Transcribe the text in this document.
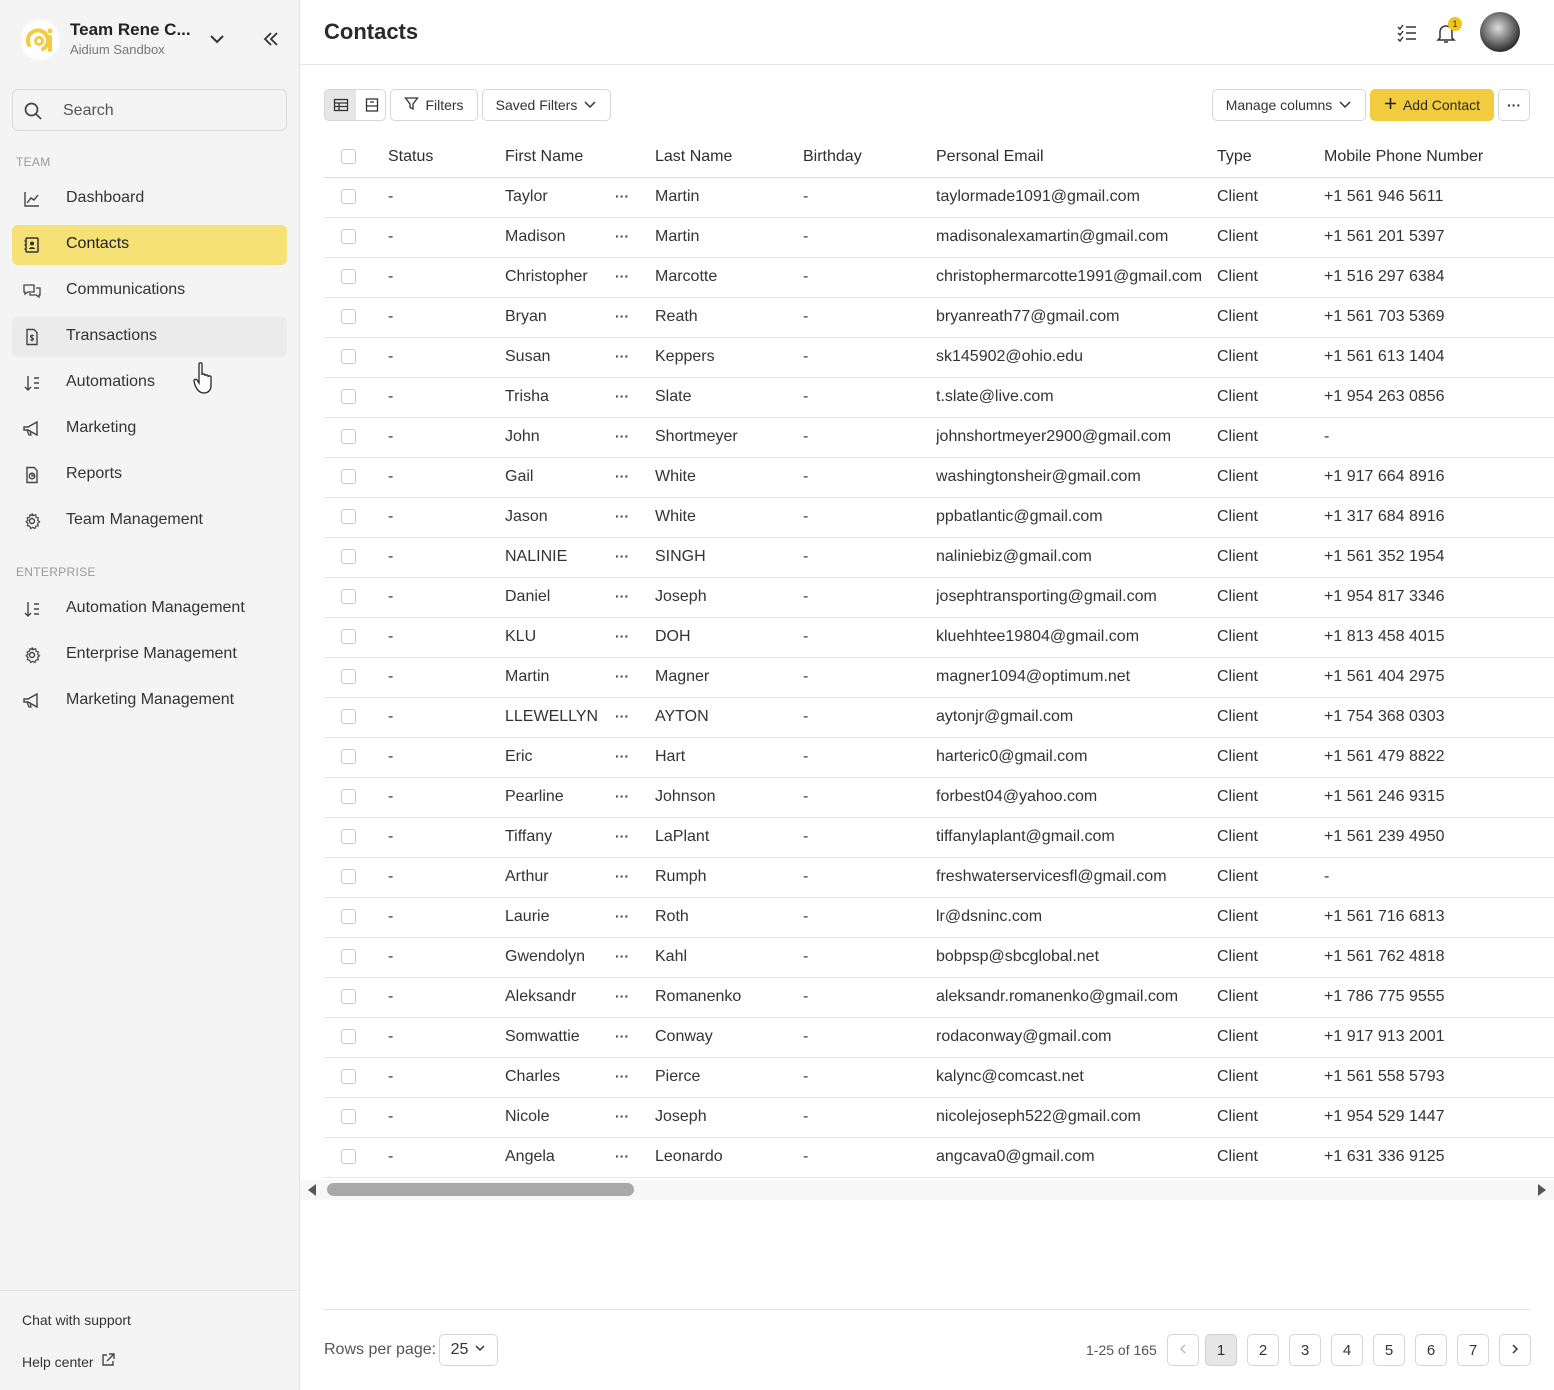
Team Rene C...
Aidium Sandbox
Search
TEAM
Dashboard
Contacts
Communications
Transactions
Automations
Marketing
Reports
Team Management
ENTERPRISE
Automation Management
Enterprise Management
Marketing Management
Chat with support
Help center
Contacts	1
Filters Saved Filters	Manage columns	Add Contact ···
	Status	First Name		Last Name	Birthday	Personal Email	Type	Mobile Phone Number
	-	Taylor	···	Martin	-	taylormade1091@gmail.com	Client	+1 561 946 5611
	-	Madison	···	Martin	-	madisonalexamartin@gmail.com	Client	+1 561 201 5397
	-	Christopher	···	Marcotte	-	christophermarcotte1991@gmail.com	Client	+1 516 297 6384
	-	Bryan	···	Reath	-	bryanreath77@gmail.com	Client	+1 561 703 5369
	-	Susan	···	Keppers	-	sk145902@ohio.edu	Client	+1 561 613 1404
	-	Trisha	···	Slate	-	t.slate@live.com	Client	+1 954 263 0856
	-	John	···	Shortmeyer	-	johnshortmeyer2900@gmail.com	Client	-
	-	Gail	···	White	-	washingtonsheir@gmail.com	Client	+1 917 664 8916
	-	Jason	···	White	-	ppbatlantic@gmail.com	Client	+1 317 684 8916
	-	NALINIE	···	SINGH	-	naliniebiz@gmail.com	Client	+1 561 352 1954
	-	Daniel	···	Joseph	-	josephtransporting@gmail.com	Client	+1 954 817 3346
	-	KLU	···	DOH	-	kluehhtee19804@gmail.com	Client	+1 813 458 4015
	-	Martin	···	Magner	-	magner1094@optimum.net	Client	+1 561 404 2975
	-	LLEWELLYN	···	AYTON	-	aytonjr@gmail.com	Client	+1 754 368 0303
	-	Eric	···	Hart	-	harteric0@gmail.com	Client	+1 561 479 8822
	-	Pearline	···	Johnson	-	forbest04@yahoo.com	Client	+1 561 246 9315
	-	Tiffany	···	LaPlant	-	tiffanylaplant@gmail.com	Client	+1 561 239 4950
	-	Arthur	···	Rumph	-	freshwaterservicesfl@gmail.com	Client	-
	-	Laurie	···	Roth	-	lr@dsninc.com	Client	+1 561 716 6813
	-	Gwendolyn	···	Kahl	-	bobpsp@sbcglobal.net	Client	+1 561 762 4818
	-	Aleksandr	···	Romanenko	-	aleksandr.romanenko@gmail.com	Client	+1 786 775 9555
	-	Somwattie	···	Conway	-	rodaconway@gmail.com	Client	+1 917 913 2001
	-	Charles	···	Pierce	-	kalync@comcast.net	Client	+1 561 558 5793
	-	Nicole	···	Joseph	-	nicolejoseph522@gmail.com	Client	+1 954 529 1447
	-	Angela	···	Leonardo	-	angcava0@gmail.com	Client	+1 631 336 9125
Rows per page: 25	1-25 of 165	1	2	3	4	5	6	7
